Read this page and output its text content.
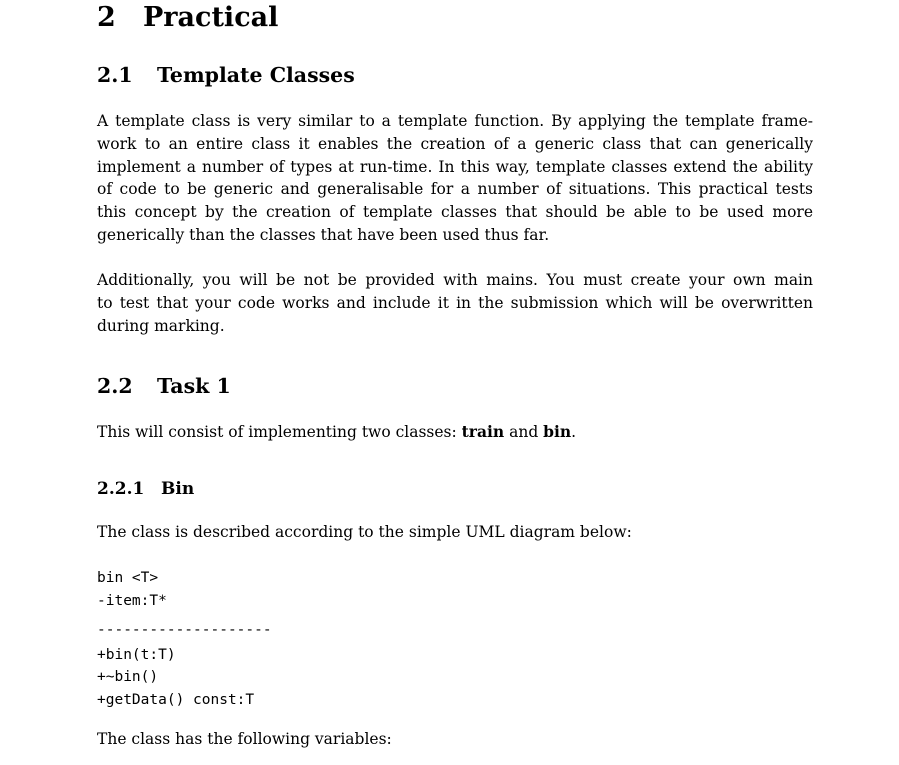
2 Practical
2.1 Template Classes
A template class is very similar to a template function. By applying the template frame-
work to an entire class it enables the creation of a generic class that can generically
implement a number of types at run-time. In this way, template classes extend the ability
of code to be generic and generalisable for a number of situations. This practical tests
this concept by the creation of template classes that should be able to be used more
generically than the classes that have been used thus far.
Additionally, you will be not be provided with mains. You must create your own main
to test that your code works and include it in the submission which will be overwritten
during marking.
2.2 Task 1
This will consist of implementing two classes: train and bin.
2.2.1 Bin
The class is described according to the simple UML diagram below:
bin <T>
-item:T*
--------------------
+bin(t:T)
+~bin()
+getData() const:T
The class has the following variables:
